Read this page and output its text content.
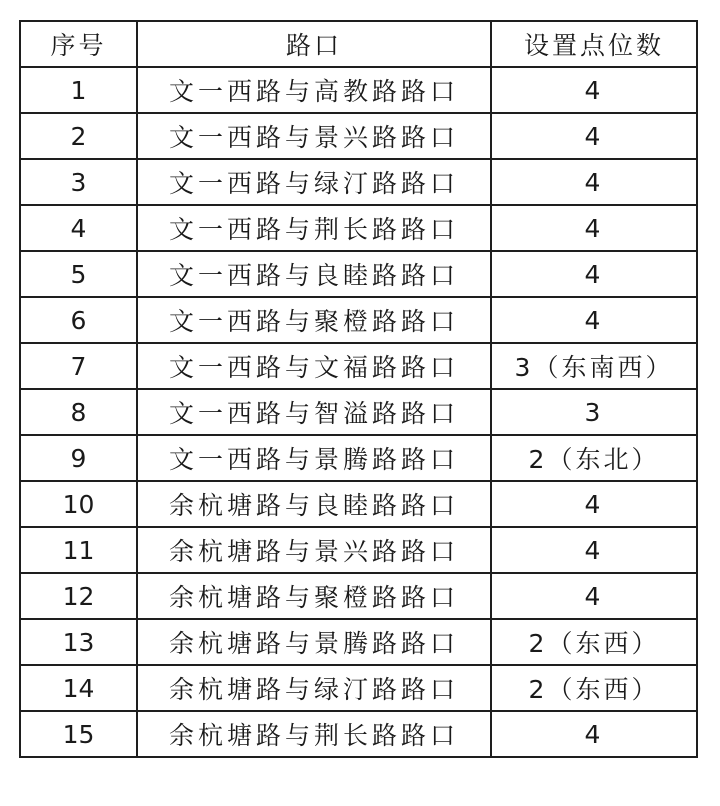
序号	路口	设置点位数
1	文一西路与高教路路口	4
2	文一西路与景兴路路口	4
3	文一西路与绿汀路路口	4
4	文一西路与荆长路路口	4
5	文一西路与良睦路路口	4
6	文一西路与聚橙路路口	4
7	文一西路与文福路路口	3（东南西）
8	文一西路与智溢路路口	3
9	文一西路与景腾路路口	2（东北）
10	余杭塘路与良睦路路口	4
11	余杭塘路与景兴路路口	4
12	余杭塘路与聚橙路路口	4
13	余杭塘路与景腾路路口	2（东西）
14	余杭塘路与绿汀路路口	2（东西）
15	余杭塘路与荆长路路口	4
